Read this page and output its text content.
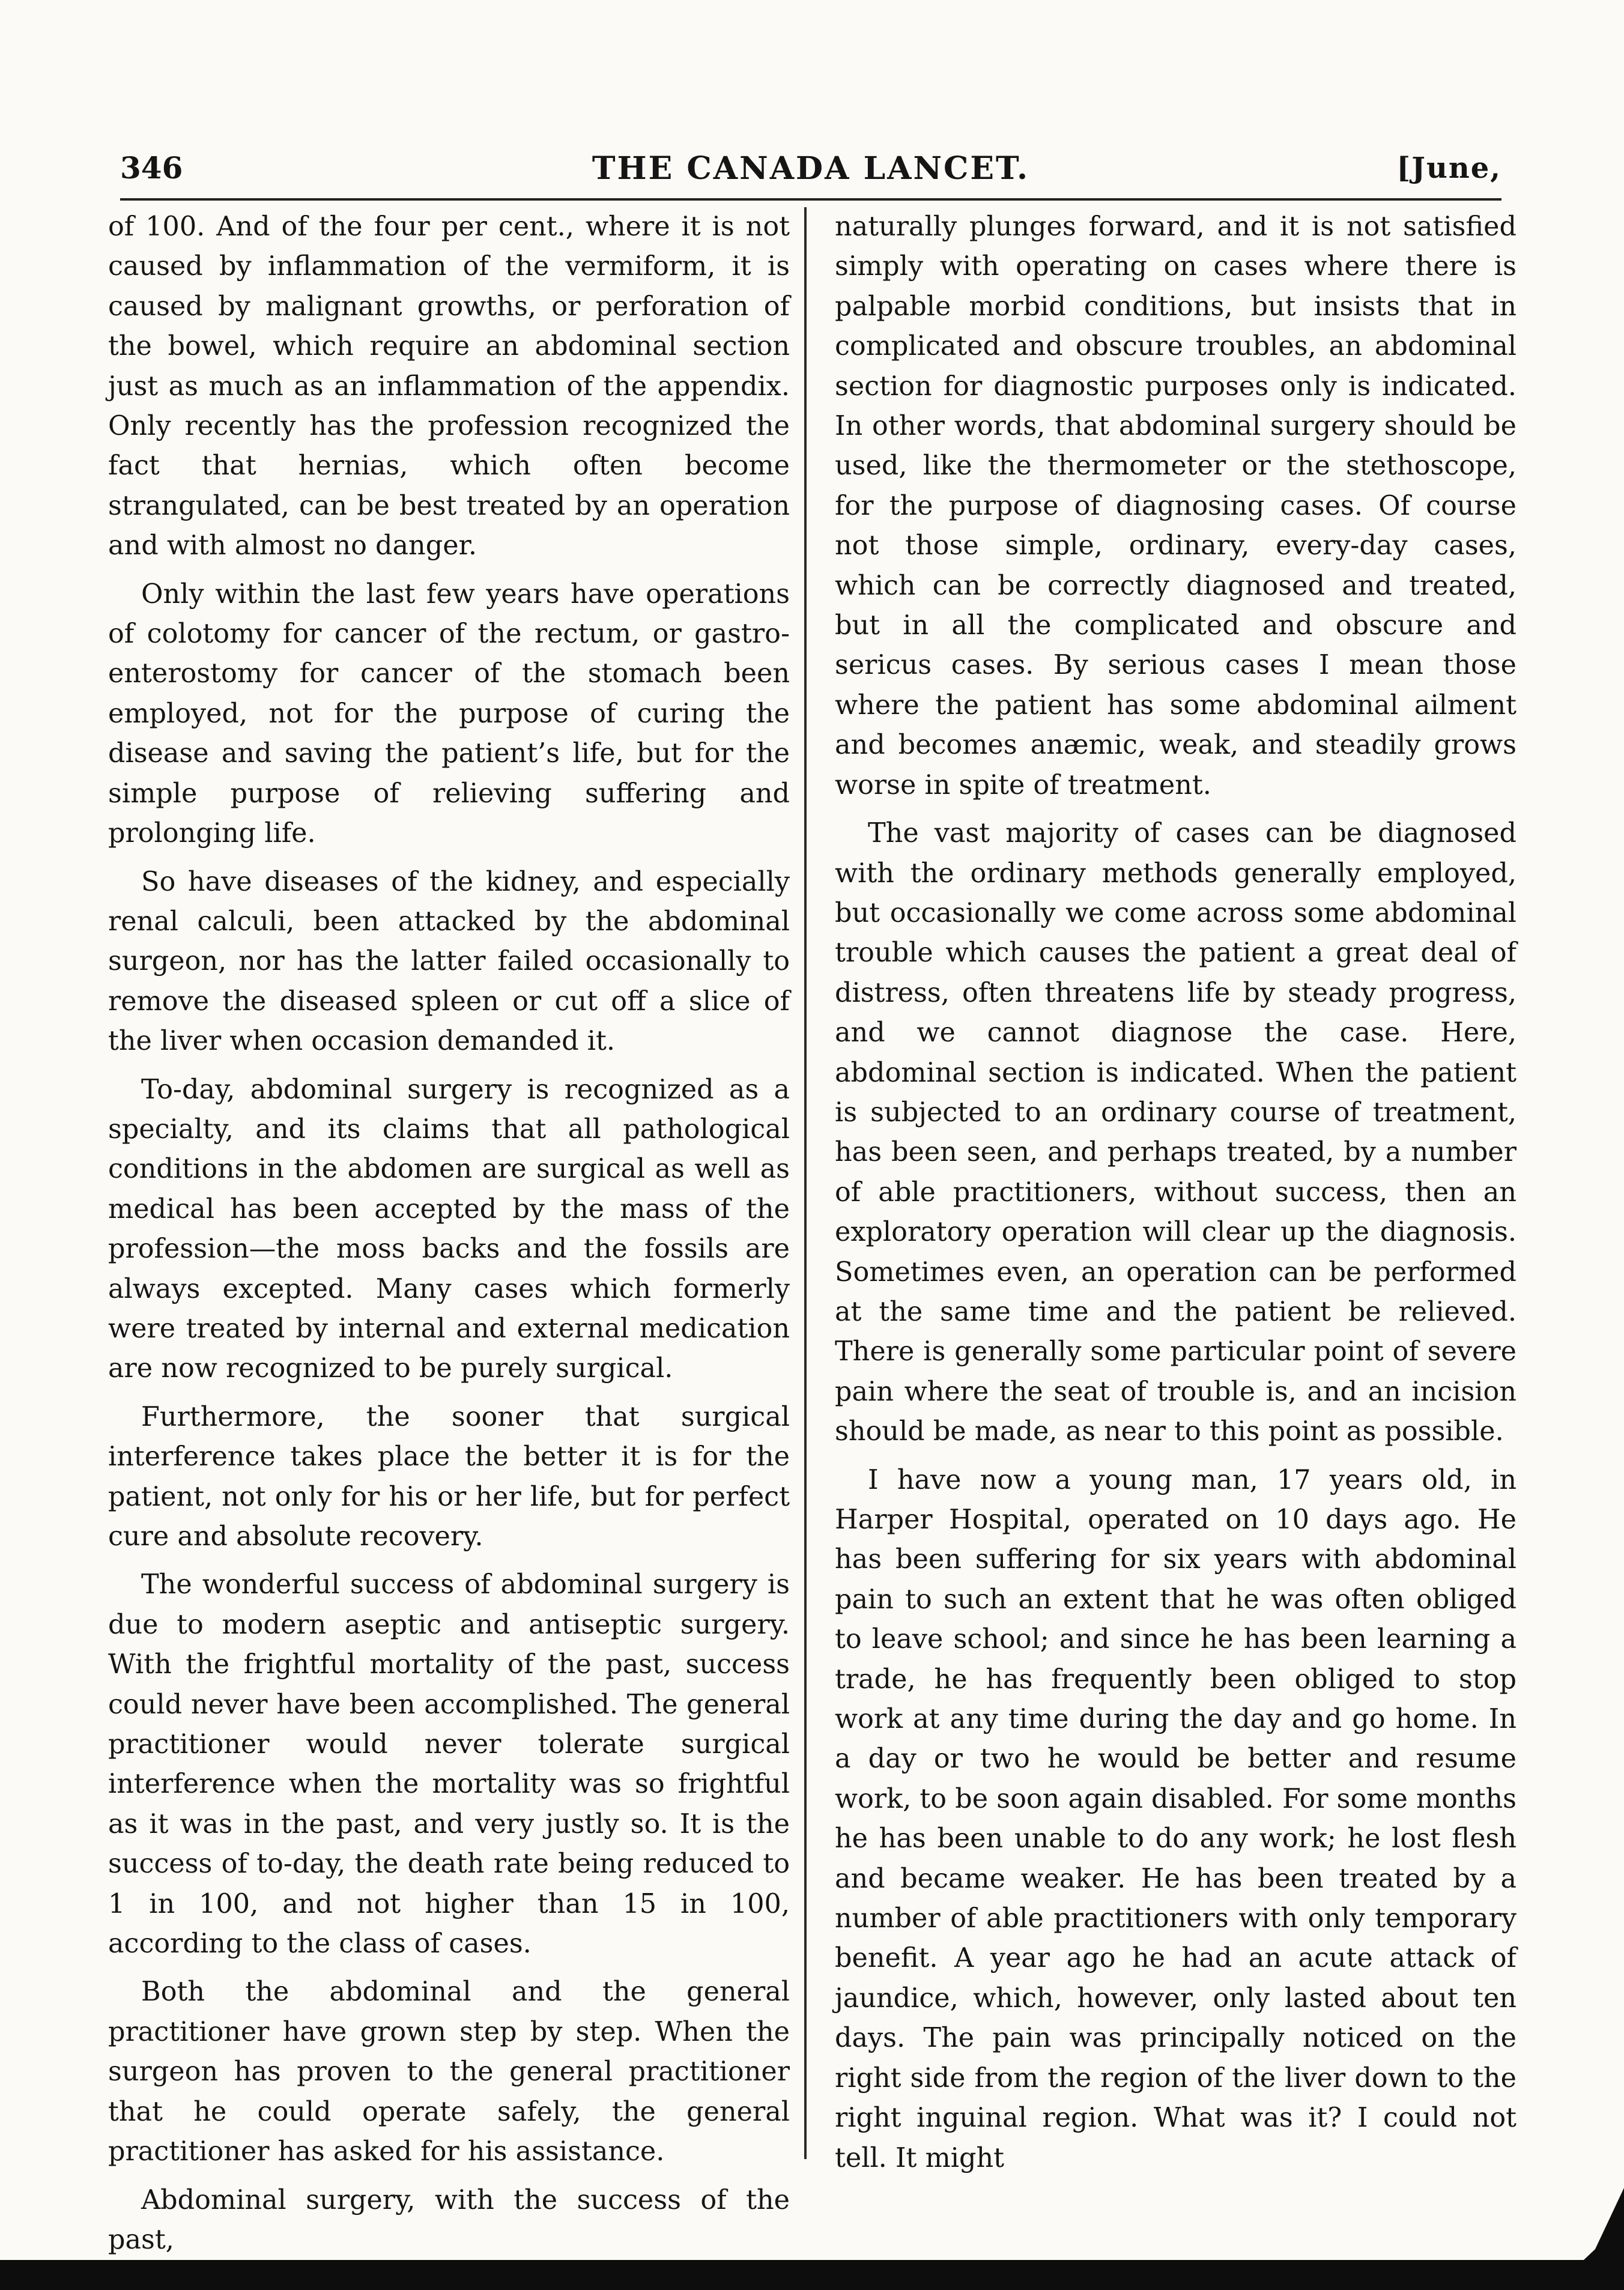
346	THE CANADA LANCET.	[June,

of 100. And of the four per cent., where it is not caused by inflammation of the vermiform, it is caused by malignant growths, or perforation of the bowel, which require an abdominal section just as much as an inflammation of the appendix. Only recently has the profession recognized the fact that hernias, which often become strangulated, can be best treated by an operation and with almost no danger.

Only within the last few years have operations of colotomy for cancer of the rectum, or gastro-enterostomy for cancer of the stomach been employed, not for the purpose of curing the disease and saving the patient’s life, but for the simple purpose of relieving suffering and prolonging life.

So have diseases of the kidney, and especially renal calculi, been attacked by the abdominal surgeon, nor has the latter failed occasionally to remove the diseased spleen or cut off a slice of the liver when occasion demanded it.

To-day, abdominal surgery is recognized as a specialty, and its claims that all pathological conditions in the abdomen are surgical as well as medical has been accepted by the mass of the profession—the moss backs and the fossils are always excepted. Many cases which formerly were treated by internal and external medication are now recognized to be purely surgical.

Furthermore, the sooner that surgical interference takes place the better it is for the patient, not only for his or her life, but for perfect cure and absolute recovery.

The wonderful success of abdominal surgery is due to modern aseptic and antiseptic surgery. With the frightful mortality of the past, success could never have been accomplished. The general practitioner would never tolerate surgical interference when the mortality was so frightful as it was in the past, and very justly so. It is the success of to-day, the death rate being reduced to 1 in 100, and not higher than 15 in 100, according to the class of cases.

Both the abdominal and the general practitioner have grown step by step. When the surgeon has proven to the general practitioner that he could operate safely, the general practitioner has asked for his assistance.

Abdominal surgery, with the success of the past,

naturally plunges forward, and it is not satisfied simply with operating on cases where there is palpable morbid conditions, but insists that in complicated and obscure troubles, an abdominal section for diagnostic purposes only is indicated. In other words, that abdominal surgery should be used, like the thermometer or the stethoscope, for the purpose of diagnosing cases. Of course not those simple, ordinary, every-day cases, which can be correctly diagnosed and treated, but in all the complicated and obscure and sericus cases. By serious cases I mean those where the patient has some abdominal ailment and becomes anæmic, weak, and steadily grows worse in spite of treatment.

The vast majority of cases can be diagnosed with the ordinary methods generally employed, but occasionally we come across some abdominal trouble which causes the patient a great deal of distress, often threatens life by steady progress, and we cannot diagnose the case. Here, abdominal section is indicated. When the patient is subjected to an ordinary course of treatment, has been seen, and perhaps treated, by a number of able practitioners, without success, then an exploratory operation will clear up the diagnosis. Sometimes even, an operation can be performed at the same time and the patient be relieved. There is generally some particular point of severe pain where the seat of trouble is, and an incision should be made, as near to this point as possible.

I have now a young man, 17 years old, in Harper Hospital, operated on 10 days ago. He has been suffering for six years with abdominal pain to such an extent that he was often obliged to leave school; and since he has been learning a trade, he has frequently been obliged to stop work at any time during the day and go home. In a day or two he would be better and resume work, to be soon again disabled. For some months he has been unable to do any work; he lost flesh and became weaker. He has been treated by a number of able practitioners with only temporary benefit. A year ago he had an acute attack of jaundice, which, however, only lasted about ten days. The pain was principally noticed on the right side from the region of the liver down to the right inguinal region. What was it? I could not tell. It might
